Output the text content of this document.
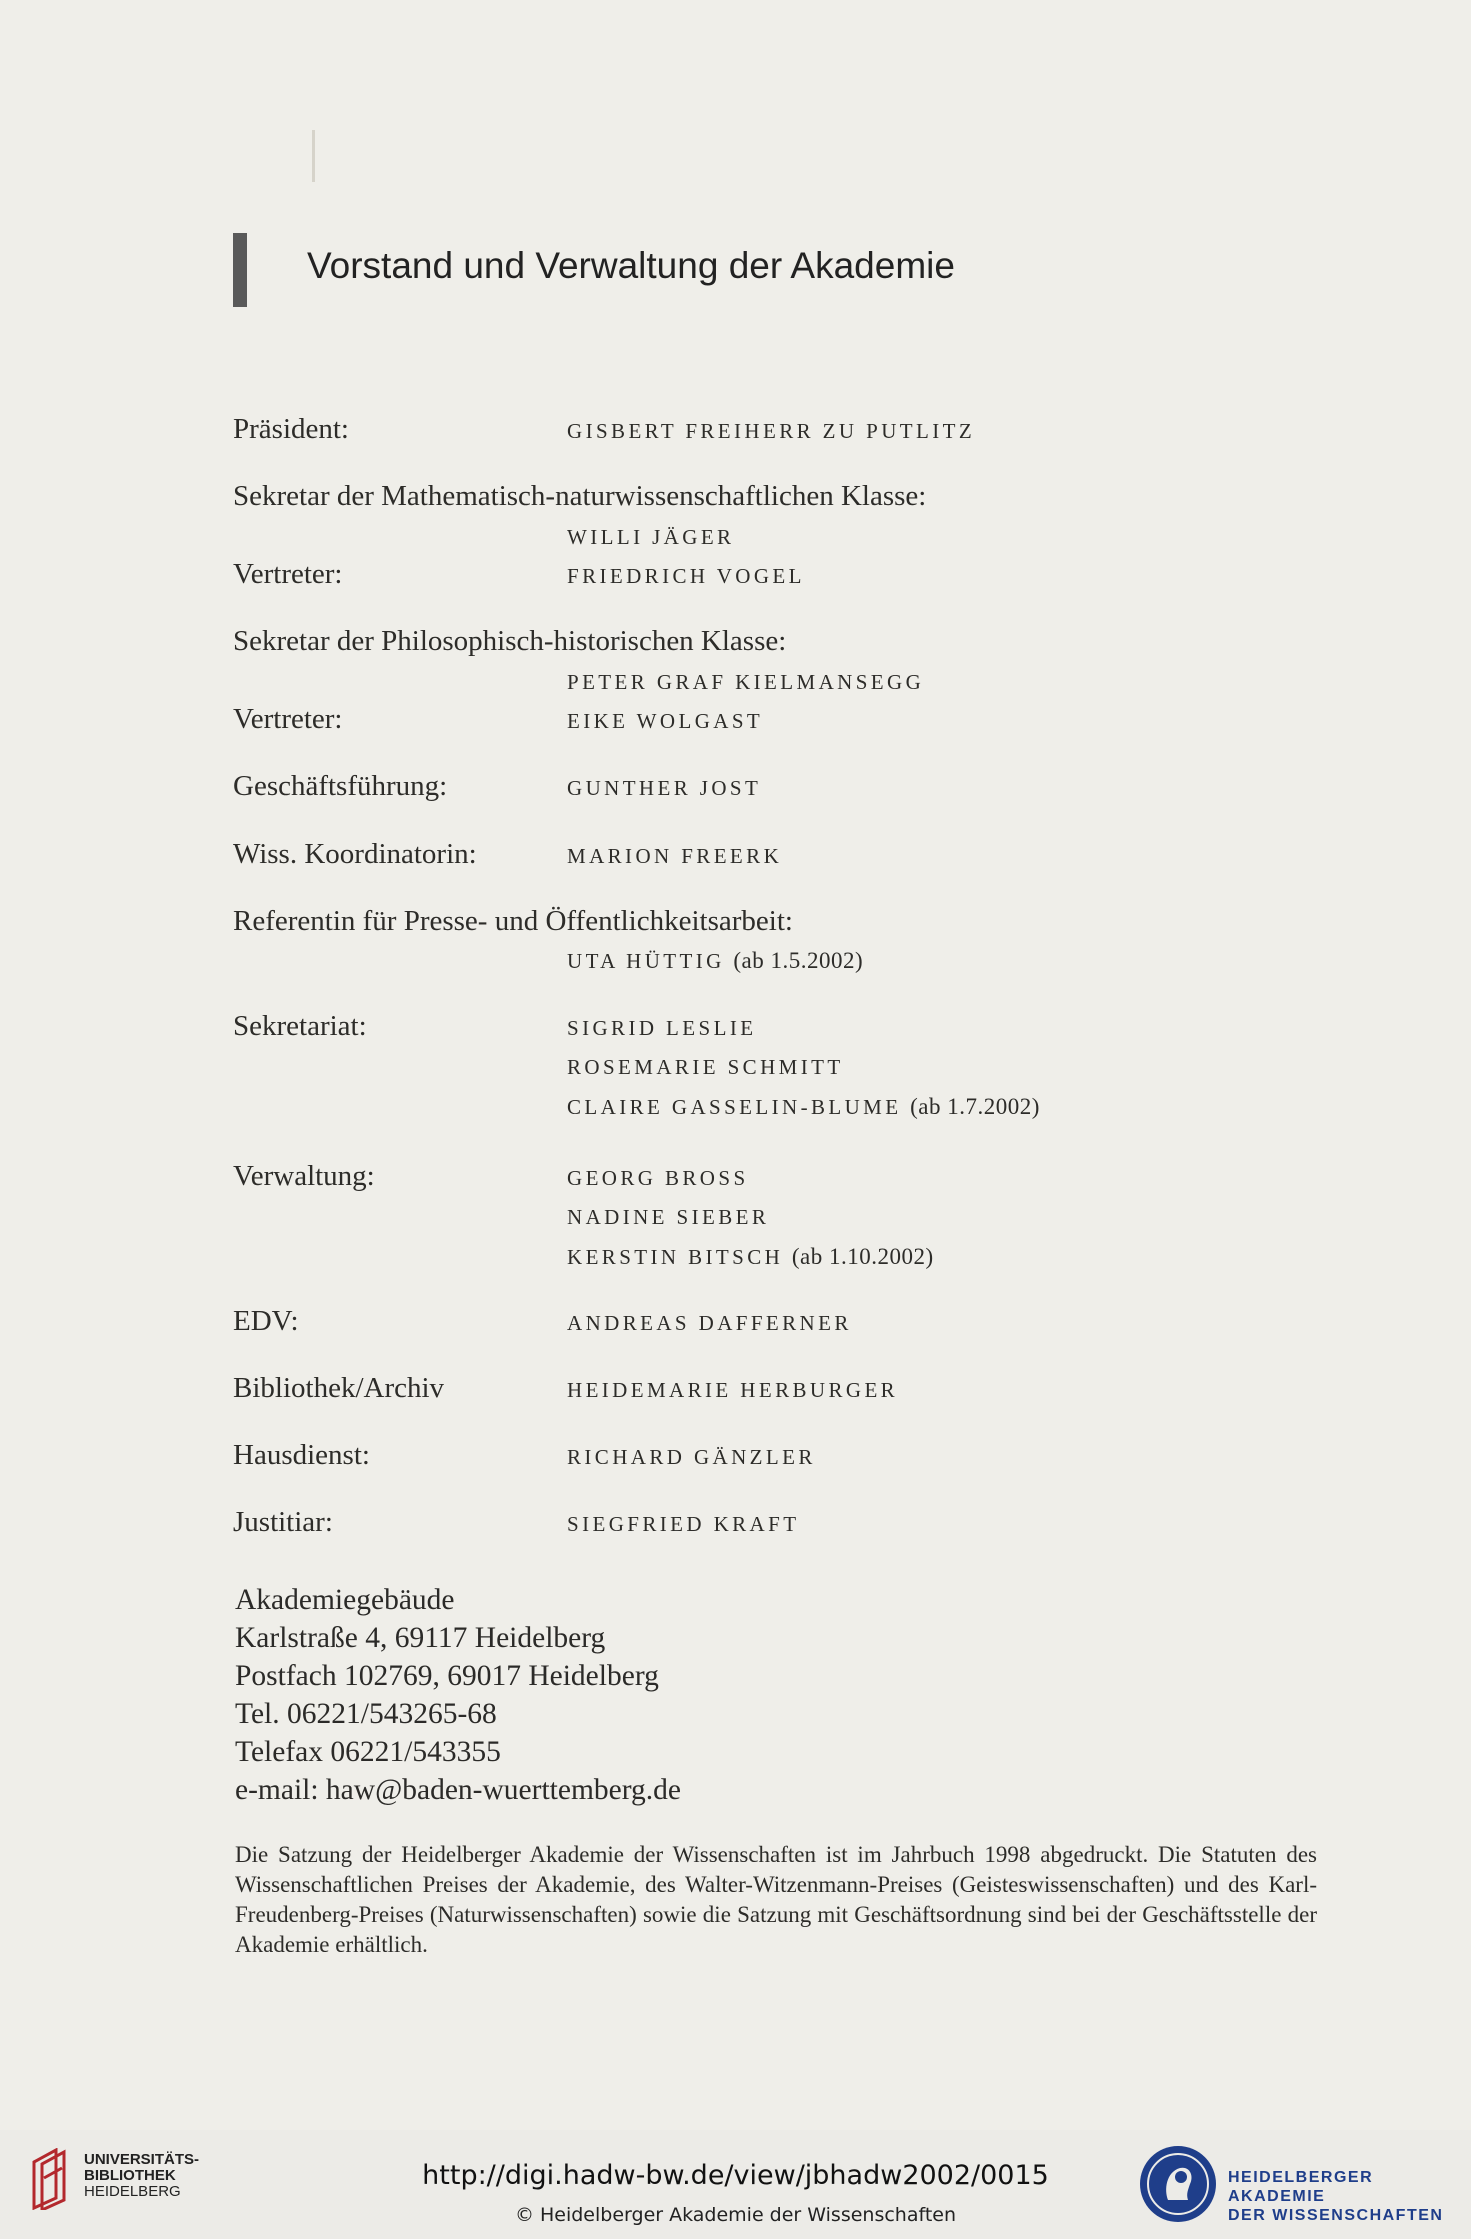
Vorstand und Verwaltung der Akademie
Präsident:	GISBERT FREIHERR ZU PUTLITZ
Sekretar der Mathematisch-naturwissenschaftlichen Klasse:
WILLI JÄGER
Vertreter:	FRIEDRICH VOGEL
Sekretar der Philosophisch-historischen Klasse:
PETER GRAF KIELMANSEGG
Vertreter:	EIKE WOLGAST
Geschäftsführung:	GUNTHER JOST
Wiss. Koordinatorin:	MARION FREERK
Referentin für Presse- und Öffentlichkeitsarbeit:
UTA HÜTTIG (ab 1.5.2002)
Sekretariat:	SIGRID LESLIE
ROSEMARIE SCHMITT
CLAIRE GASSELIN-BLUME (ab 1.7.2002)
Verwaltung:	GEORG BROSS
NADINE SIEBER
KERSTIN BITSCH (ab 1.10.2002)
EDV:	ANDREAS DAFFERNER
Bibliothek/Archiv	HEIDEMARIE HERBURGER
Hausdienst:	RICHARD GÄNZLER
Justitiar:	SIEGFRIED KRAFT
Akademiegebäude
Karlstraße 4, 69117 Heidelberg
Postfach 102769, 69017 Heidelberg
Tel. 06221/543265-68
Telefax 06221/543355
e-mail: haw@baden-wuerttemberg.de

Die Satzung der Heidelberger Akademie der Wissenschaften ist im Jahrbuch 1998 abgedruckt. Die Statuten des Wissenschaftlichen Preises der Akademie, des Walter-Witzenmann-Preises (Geisteswissenschaften) und des Karl-Freudenberg-Preises (Naturwissenschaften) sowie die Satzung mit Geschäftsordnung sind bei der Geschäftsstelle der Akademie erhältlich.

UNIVERSITÄTS-
BIBLIOTHEK
HEIDELBERG
http://digi.hadw-bw.de/view/jbhadw2002/0015
© Heidelberger Akademie der Wissenschaften
HEIDELBERGER AKADEMIE
DER WISSENSCHAFTEN
